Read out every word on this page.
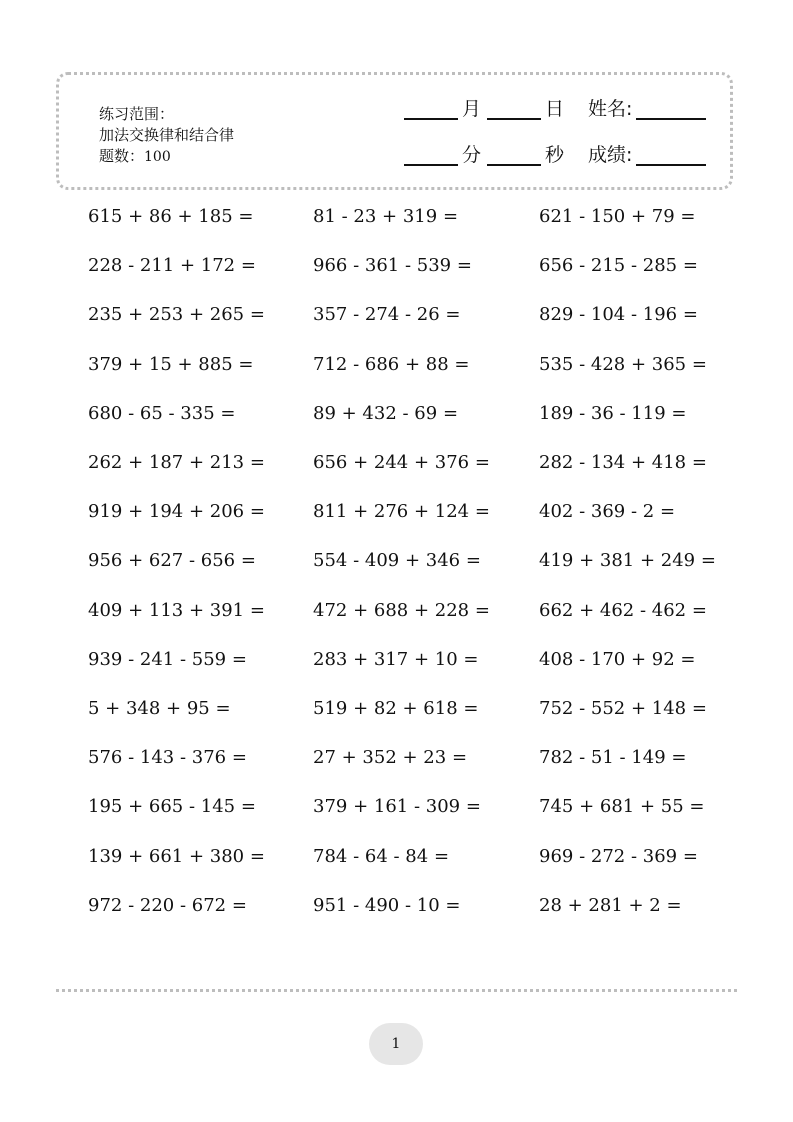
练习范围：
加法交换律和结合律
题数：100
月	日 姓名:
分	秒 成绩:
615 + 86 + 185 =	81 - 23 + 319 =	621 - 150 + 79 =
228 - 211 + 172 =	966 - 361 - 539 =	656 - 215 - 285 =
235 + 253 + 265 =	357 - 274 - 26 =	829 - 104 - 196 =
379 + 15 + 885 =	712 - 686 + 88 =	535 - 428 + 365 =
680 - 65 - 335 =	89 + 432 - 69 =	189 - 36 - 119 =
262 + 187 + 213 =	656 + 244 + 376 =	282 - 134 + 418 =
919 + 194 + 206 =	811 + 276 + 124 =	402 - 369 - 2 =
956 + 627 - 656 =	554 - 409 + 346 =	419 + 381 + 249 =
409 + 113 + 391 =	472 + 688 + 228 =	662 + 462 - 462 =
939 - 241 - 559 =	283 + 317 + 10 =	408 - 170 + 92 =
5 + 348 + 95 =	519 + 82 + 618 =	752 - 552 + 148 =
576 - 143 - 376 =	27 + 352 + 23 =	782 - 51 - 149 =
195 + 665 - 145 =	379 + 161 - 309 =	745 + 681 + 55 =
139 + 661 + 380 =	784 - 64 - 84 =	969 - 272 - 369 =
972 - 220 - 672 =	951 - 490 - 10 =	28 + 281 + 2 =
1
